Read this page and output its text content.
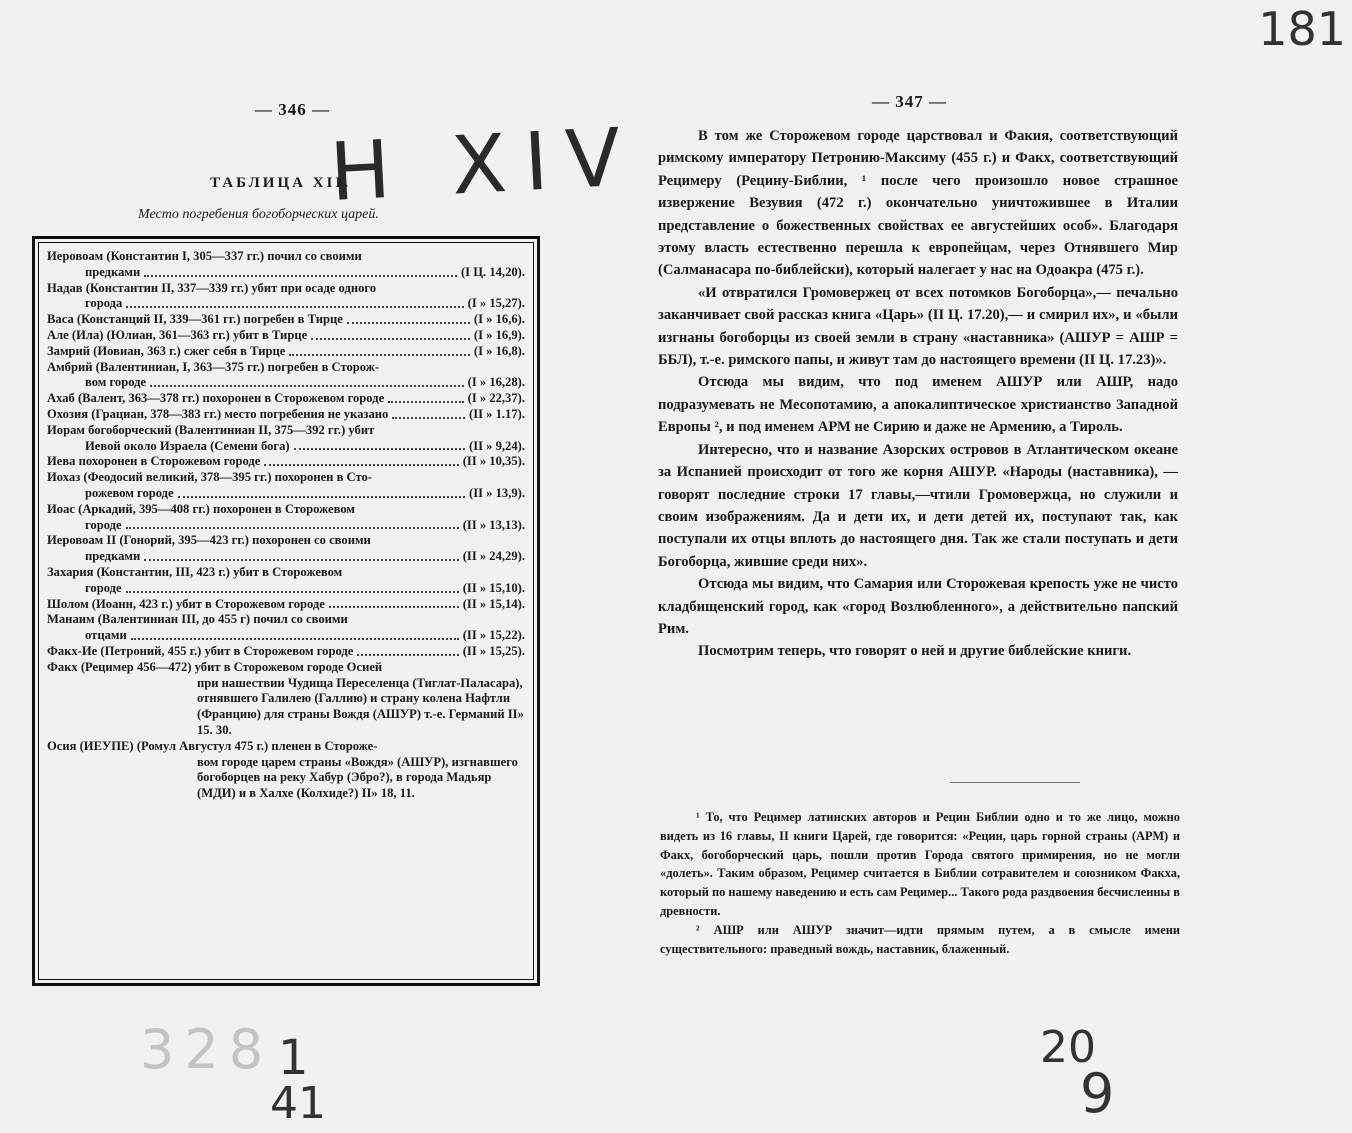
181
H XIV
328 1
41
20
9
— 346 —
ТАБЛИЦА XII.
Место погребения богоборческих царей.
Иеровоам (Константин I, 305—337 гг.) почил со своими
предками	(I Ц. 14,20).
Надав (Константин II, 337—339 гг.) убит при осаде одного
города	(I » 15,27).
Васа (Констанций II, 339—361 гг.) погребен в Тирце	(I » 16,6).
Але (Ила) (Юлиан, 361—363 гг.) убит в Тирце	(I » 16,9).
Замрий (Иовиан, 363 г.) сжег себя в Тирце	(I » 16,8).
Амбрий (Валентиниан, I, 363—375 гг.) погребен в Сторож-
вом городе	(I » 16,28).
Ахаб (Валент, 363—378 гг.) похоронен в Сторожевом городе	(I » 22,37).
Охозия (Грациан, 378—383 гг.) место погребения не указано	(II » 1.17).
Иорам богоборческий (Валентиниан II, 375—392 гг.) убит
Иевой около Израела (Семени бога)	(II » 9,24).
Иева похоронен в Сторожевом городе	(II » 10,35).
Иохаз (Феодосий великий, 378—395 гг.) похоронен в Сто-
рожевом городе	(II » 13,9).
Иоас (Аркадий, 395—408 гг.) похоронен в Сторожевом
городе	(II » 13,13).
Иеровоам II (Гонорий, 395—423 гг.) похоронен со своими
предками	(II » 24,29).
Захария (Константин, III, 423 г.) убит в Сторожевом
городе	(II » 15,10).
Шолом (Иоанн, 423 г.) убит в Сторожевом городе	(II » 15,14).
Манаим (Валентиниан III, до 455 г) почил со своими
отцами	(II » 15,22).
Факх-Ие (Петроний, 455 г.) убит в Сторожевом городе	(II » 15,25).
Факх (Рецимер 456—472) убит в Сторожевом городе Осией
при нашествии Чудища Переселенца (Тиглат-Паласара), отнявшего Галилею (Галлию) и страну колена Нафтли (Францию) для страны Вождя (АШУР) т.-е. Германий II» 15. 30.
Осия (ИЕУПЕ) (Ромул Августул 475 г.) пленен в Стороже-
вом городе царем страны «Вождя» (АШУР), изгнавшего богоборцев на реку Хабур (Эбро?), в города Мадьяр (МДИ) и в Халхе (Колхиде?) II» 18, 11.
— 347 —

В том же Сторожевом городе царствовал и Факия, соответствующий римскому императору Петронию-Максиму (455 г.) и Факх, соответствующий Рецимеру (Рецину-Библии, ¹ после чего произошло новое страшное извержение Везувия (472 г.) окончательно уничтожившее в Италии представление о божественных свойствах ее августейших особ». Благодаря этому власть естественно перешла к европейцам, через Отнявшего Мир (Салманасара по-библейски), который налегает у нас на Одоакра (475 г.).

«И отвратился Громовержец от всех потомков Богоборца»,— печально заканчивает свой рассказ книга «Царь» (II Ц. 17.20),— и смирил их», и «были изгнаны богоборцы из своей земли в страну «наставника» (АШУР = АШР = ББЛ), т.-е. римского папы, и живут там до настоящего времени (II Ц. 17.23)».

Отсюда мы видим, что под именем АШУР или АШР, надо подразумевать не Месопотамию, а апокалиптическое христианство Западной Европы ², и под именем АРМ не Сирию и даже не Армению, а Тироль.

Интересно, что и название Азорских островов в Атлантическом океане за Испанией происходит от того же корня АШУР. «Народы (наставника), — говорят последние строки 17 главы,—чтили Громовержца, но служили и своим изображениям. Да и дети их, и дети детей их, поступают так, как поступали их отцы вплоть до настоящего дня. Так же стали поступать и дети Богоборца, жившие среди них».

Отсюда мы видим, что Самария или Сторожевая крепость уже не чисто кладбищенский город, как «город Возлюбленного», а действительно папский Рим.

Посмотрим теперь, что говорят о ней и другие библейские книги.

¹ То, что Рецимер латинских авторов и Рецин Библии одно и то же лицо, можно видеть из 16 главы, II книги Царей, где говорится: «Рецин, царь горной страны (АРМ) и Факх, богоборческий царь, пошли против Города святого примирения, но не могли «долеть». Таким образом, Рецимер считается в Библии сотравителем и союзником Факха, который по нашему наведению и есть сам Рецимер... Такого рода раздвоения бесчисленны в древности.

² АШР или АШУР значит—идти прямым путем, а в смысле имени существительного: праведный вождь, наставник, блаженный.
